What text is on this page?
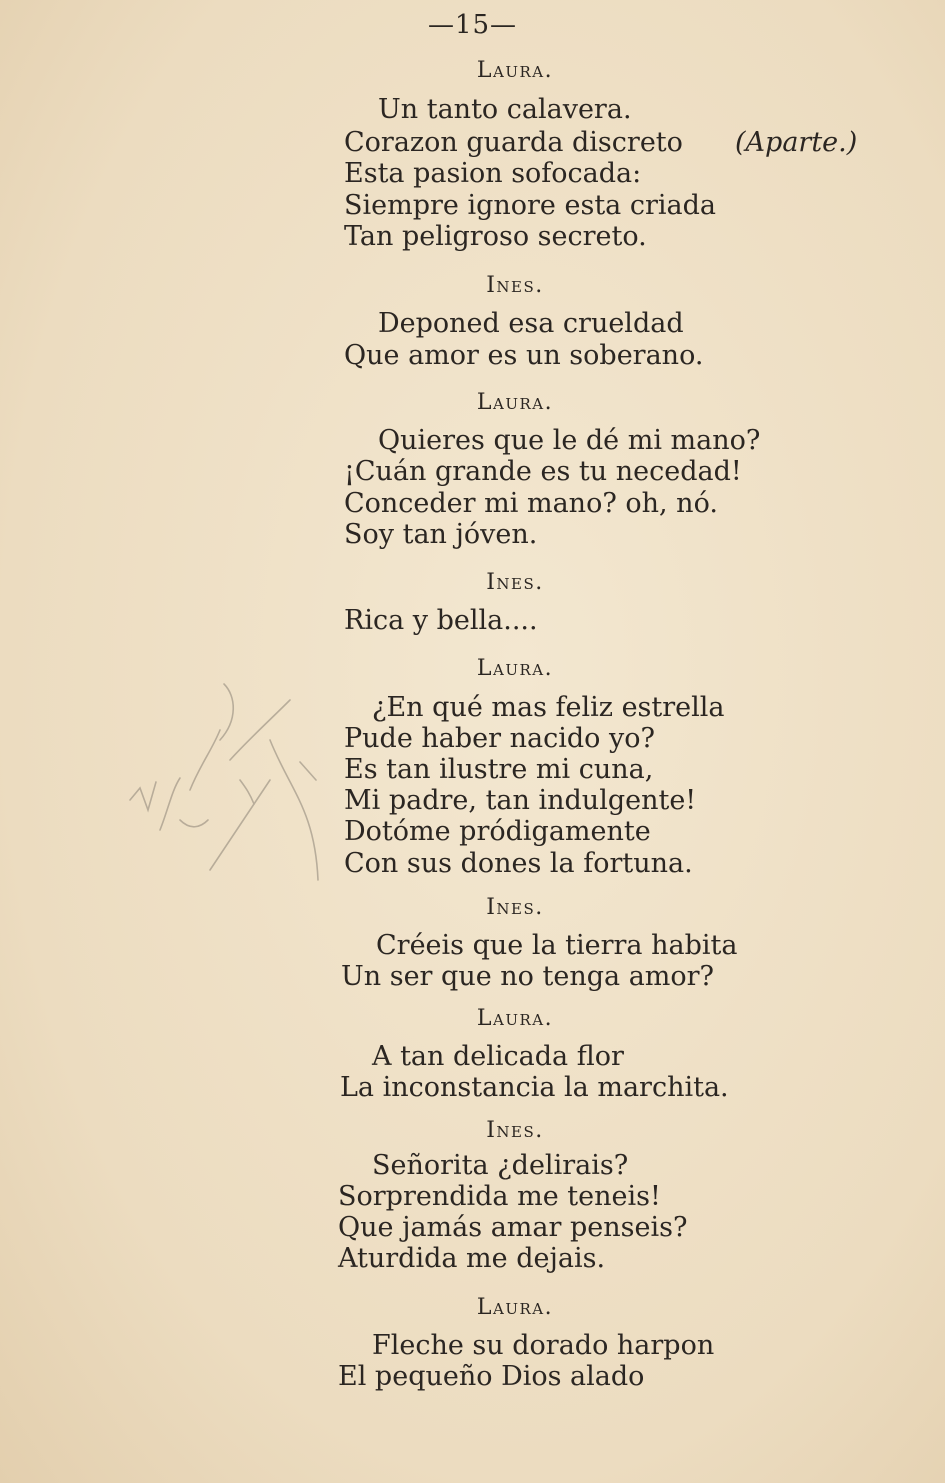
—15—
Laura.
Un tanto calavera.
Corazon guarda discreto (Aparte.)
Esta pasion sofocada:
Siempre ignore esta criada
Tan peligroso secreto.
Ines.
Deponed esa crueldad
Que amor es un soberano.
Laura.
Quieres que le dé mi mano?
¡Cuán grande es tu necedad!
Conceder mi mano? oh, nó.
Soy tan jóven.
Ines.
Rica y bella....
Laura.
¿En qué mas feliz estrella
Pude haber nacido yo?
Es tan ilustre mi cuna,
Mi padre, tan indulgente!
Dotóme pródigamente
Con sus dones la fortuna.
Ines.
Créeis que la tierra habita
Un ser que no tenga amor?
Laura.
A tan delicada flor
La inconstancia la marchita.
Ines.
Señorita ¿delirais?
Sorprendida me teneis!
Que jamás amar penseis?
Aturdida me dejais.
Laura.
Fleche su dorado harpon
El pequeño Dios alado
